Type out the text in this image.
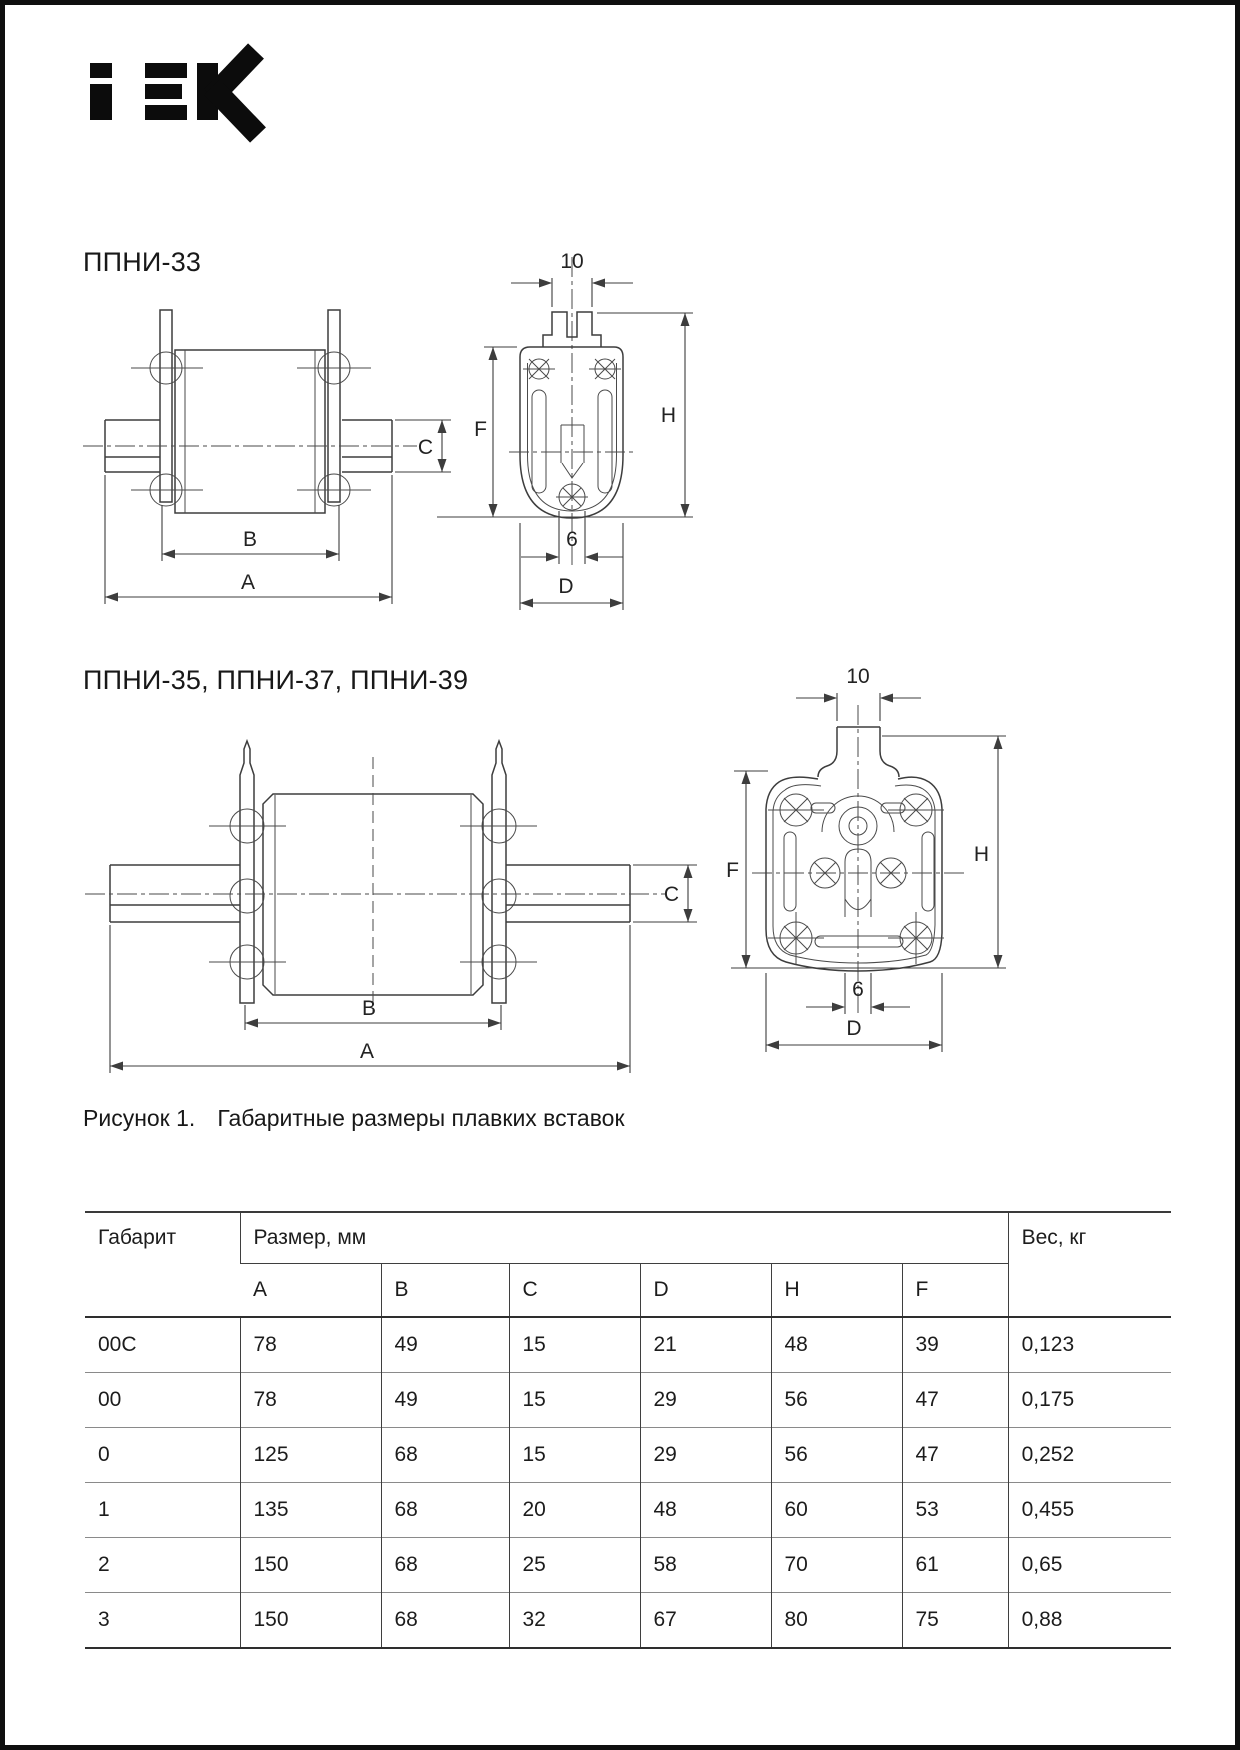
ППНИ-33
C
B
A
10
H
F
6
D
ППНИ-35, ППНИ-37, ППНИ-39
B
A
C
10
H
F
6
D
Рисунок 1. Габаритные размеры плавких вставок
Габарит	Размер, мм						Вес, кг
	A	B	C	D	H	F	
00C	78	49	15	21	48	39	0,123
00	78	49	15	29	56	47	0,175
0	125	68	15	29	56	47	0,252
1	135	68	20	48	60	53	0,455
2	150	68	25	58	70	61	0,65
3	150	68	32	67	80	75	0,88
